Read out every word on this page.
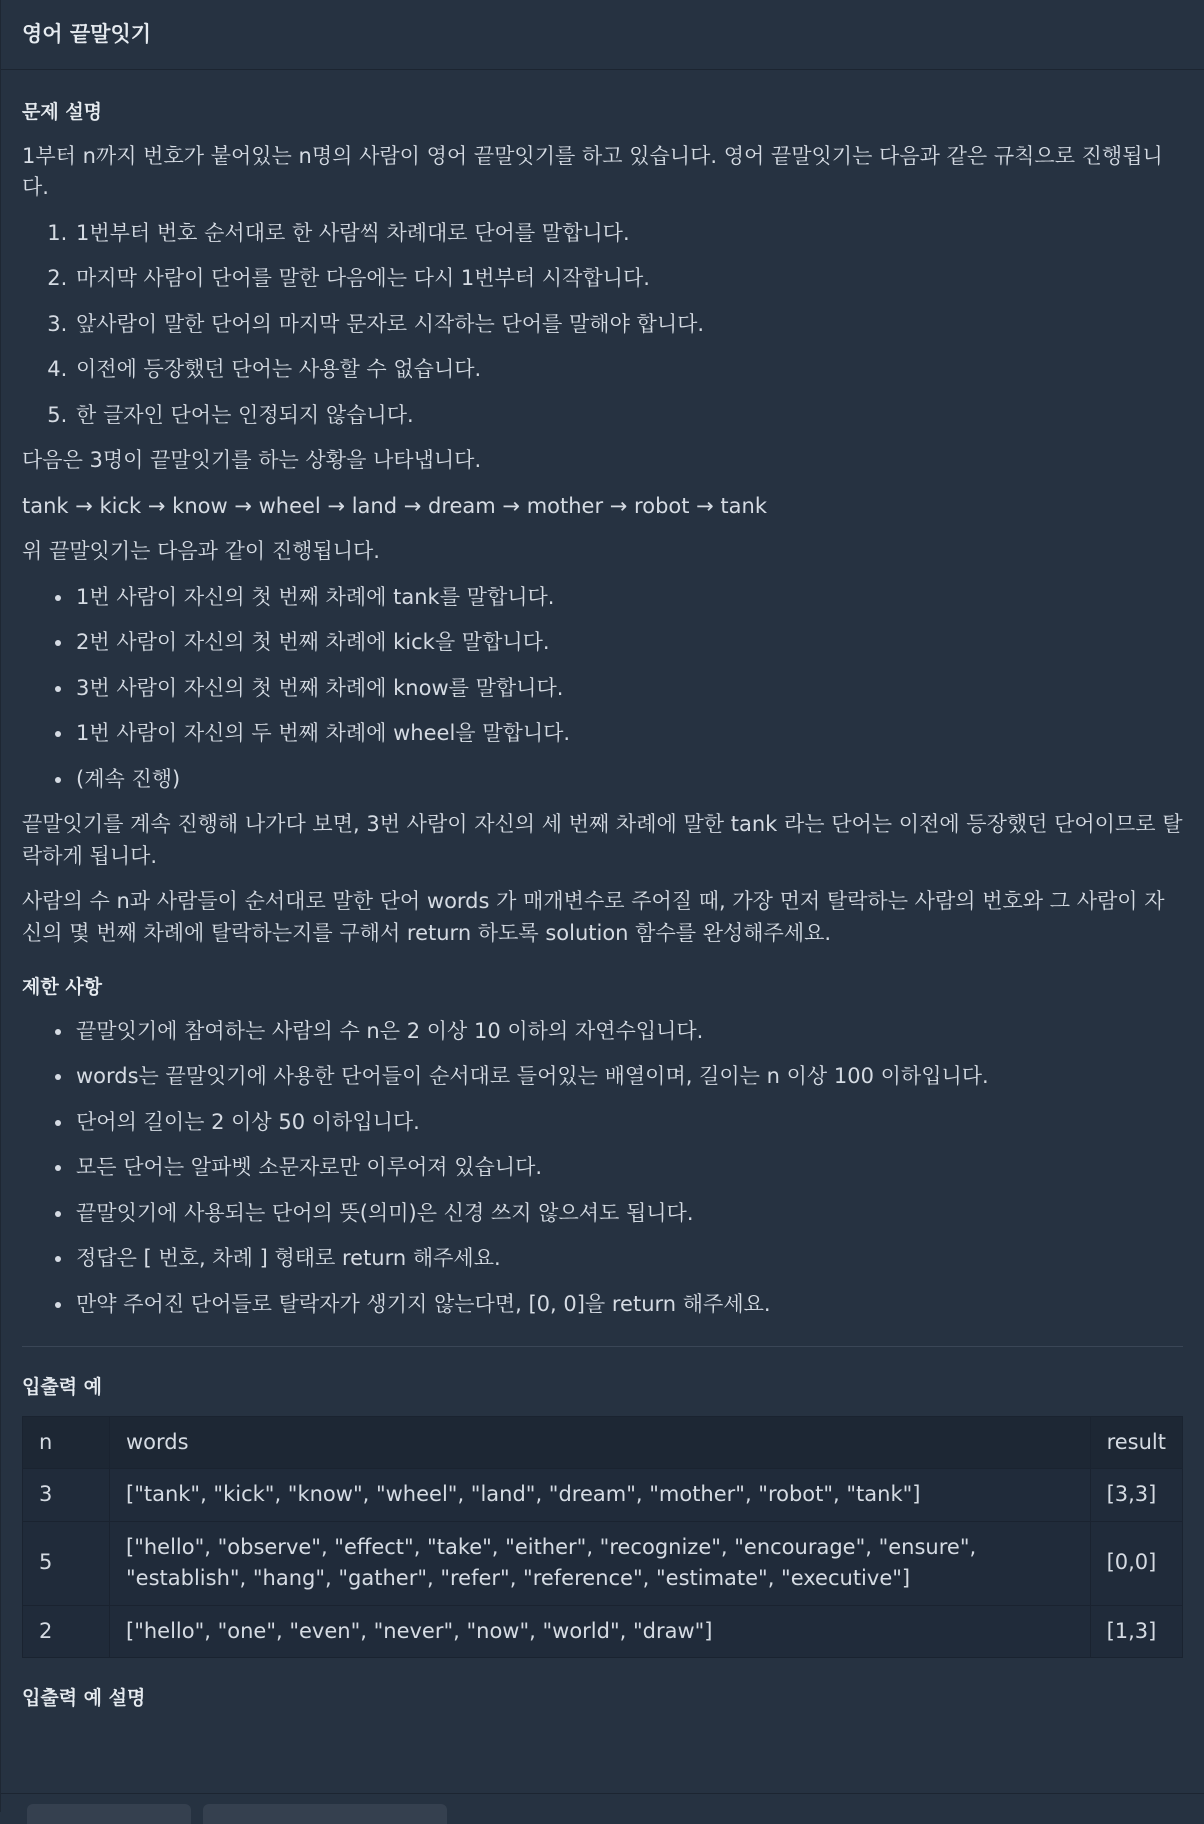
영어 끝말잇기
문제 설명

1부터 n까지 번호가 붙어있는 n명의 사람이 영어 끝말잇기를 하고 있습니다. 영어 끝말잇기는 다음과 같은 규칙으로 진행됩니다.

1. 1번부터 번호 순서대로 한 사람씩 차례대로 단어를 말합니다.
2. 마지막 사람이 단어를 말한 다음에는 다시 1번부터 시작합니다.
3. 앞사람이 말한 단어의 마지막 문자로 시작하는 단어를 말해야 합니다.
4. 이전에 등장했던 단어는 사용할 수 없습니다.
5. 한 글자인 단어는 인정되지 않습니다.

다음은 3명이 끝말잇기를 하는 상황을 나타냅니다.

tank → kick → know → wheel → land → dream → mother → robot → tank

위 끝말잇기는 다음과 같이 진행됩니다.

• 1번 사람이 자신의 첫 번째 차례에 tank를 말합니다.
• 2번 사람이 자신의 첫 번째 차례에 kick을 말합니다.
• 3번 사람이 자신의 첫 번째 차례에 know를 말합니다.
• 1번 사람이 자신의 두 번째 차례에 wheel을 말합니다.
• (계속 진행)

끝말잇기를 계속 진행해 나가다 보면, 3번 사람이 자신의 세 번째 차례에 말한 tank 라는 단어는 이전에 등장했던 단어이므로 탈락하게 됩니다.

사람의 수 n과 사람들이 순서대로 말한 단어 words 가 매개변수로 주어질 때, 가장 먼저 탈락하는 사람의 번호와 그 사람이 자신의 몇 번째 차례에 탈락하는지를 구해서 return 하도록 solution 함수를 완성해주세요.

제한 사항
• 끝말잇기에 참여하는 사람의 수 n은 2 이상 10 이하의 자연수입니다.
• words는 끝말잇기에 사용한 단어들이 순서대로 들어있는 배열이며, 길이는 n 이상 100 이하입니다.
• 단어의 길이는 2 이상 50 이하입니다.
• 모든 단어는 알파벳 소문자로만 이루어져 있습니다.
• 끝말잇기에 사용되는 단어의 뜻(의미)은 신경 쓰지 않으셔도 됩니다.
• 정답은 [ 번호, 차례 ] 형태로 return 해주세요.
• 만약 주어진 단어들로 탈락자가 생기지 않는다면, [0, 0]을 return 해주세요.
입출력 예
n	words	result
3	["tank", "kick", "know", "wheel", "land", "dream", "mother", "robot", "tank"]	[3,3]
5	["hello", "observe", "effect", "take", "either", "recognize", "encourage", "ensure", "establish", "hang", "gather", "refer", "reference", "estimate", "executive"]	[0,0]
2	["hello", "one", "even", "never", "now", "world", "draw"]	[1,3]
입출력 예 설명
